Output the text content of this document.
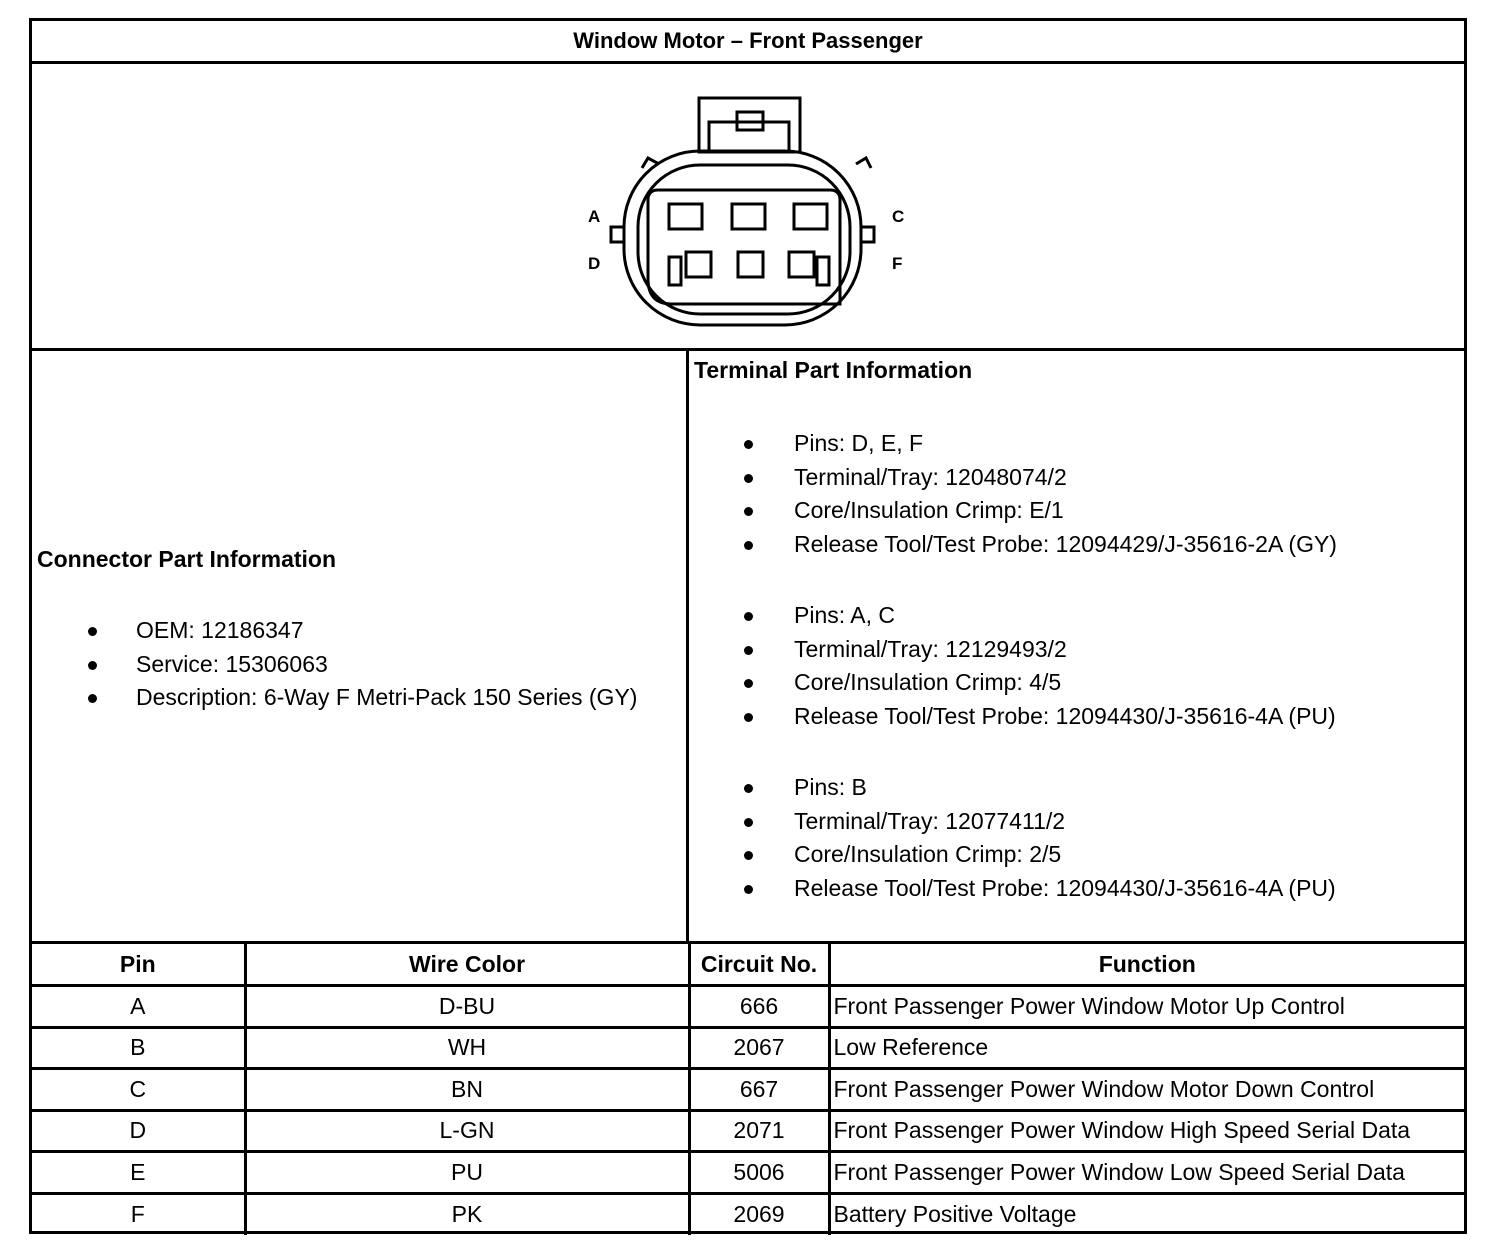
Window Motor – Front Passenger
A
D
C
F
Connector Part Information
OEM: 12186347
Service: 15306063
Description: 6-Way F Metri-Pack 150 Series (GY)
Terminal Part Information
Pins: D, E, F
Terminal/Tray: 12048074/2
Core/Insulation Crimp: E/1
Release Tool/Test Probe: 12094429/J-35616-2A (GY)
Pins: A, C
Terminal/Tray: 12129493/2
Core/Insulation Crimp: 4/5
Release Tool/Test Probe: 12094430/J-35616-4A (PU)
Pins: B
Terminal/Tray: 12077411/2
Core/Insulation Crimp: 2/5
Release Tool/Test Probe: 12094430/J-35616-4A (PU)
Pin	Wire Color	Circuit No.	Function
A	D-BU	666	Front Passenger Power Window Motor Up Control
B	WH	2067	Low Reference
C	BN	667	Front Passenger Power Window Motor Down Control
D	L-GN	2071	Front Passenger Power Window High Speed Serial Data
E	PU	5006	Front Passenger Power Window Low Speed Serial Data
F	PK	2069	Battery Positive Voltage
